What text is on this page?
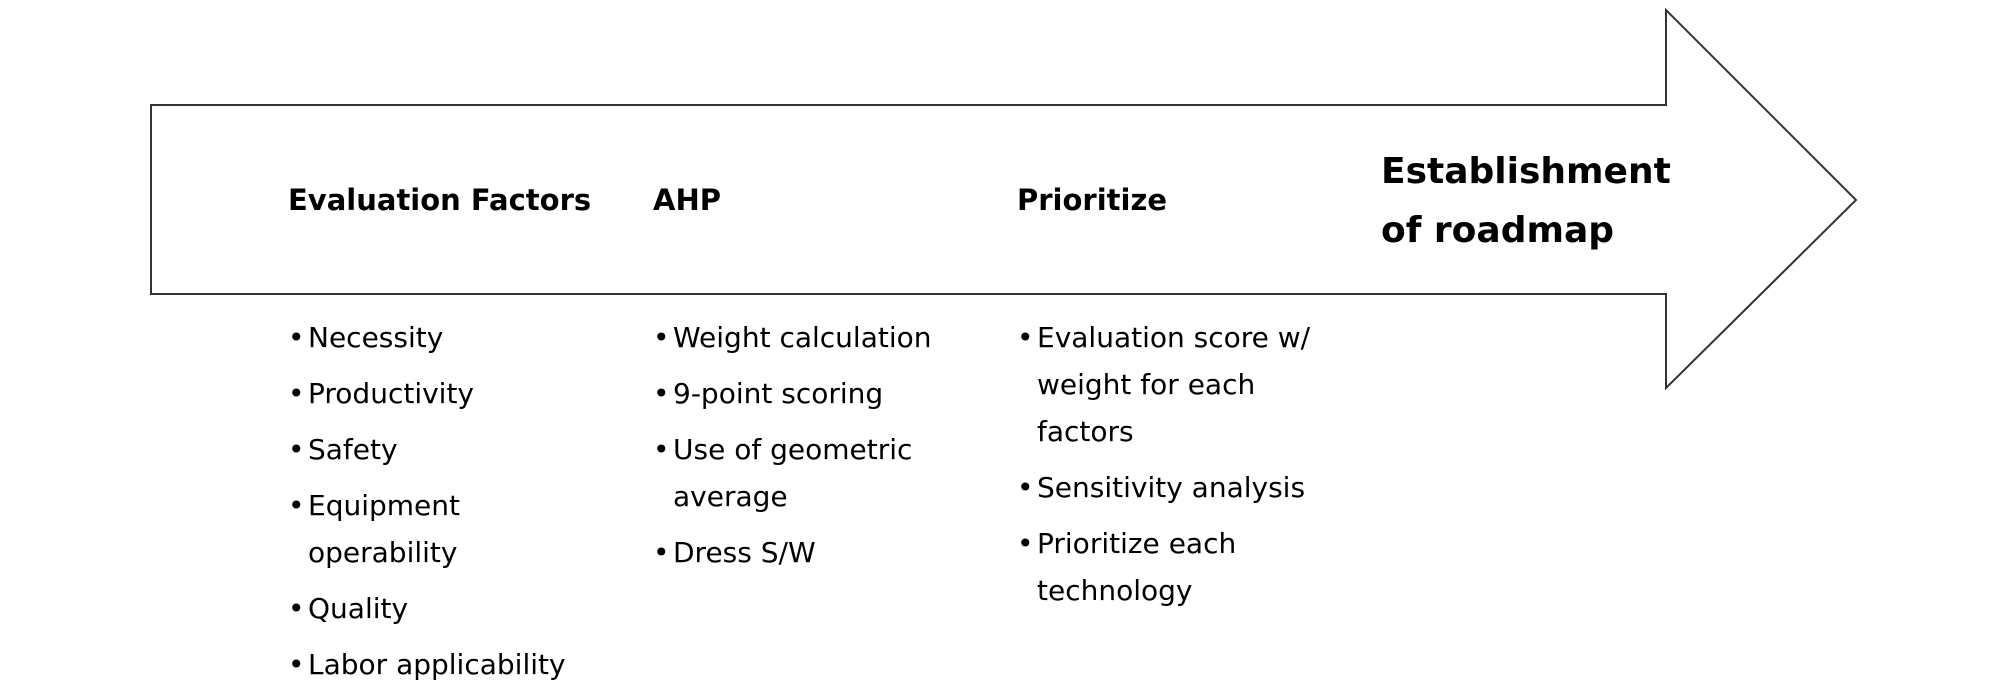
Evaluation Factors AHP	Prioritize
Establishment of roadmap
• Necessity
• Productivity
• Safety
• Equipment operability
• Quality
• Labor applicability
• Weight calculation
• 9-point scoring
• Use of geometric average
• Dress S/W
• Evaluation score w/ weight for each factors
• Sensitivity analysis
• Prioritize each technology
